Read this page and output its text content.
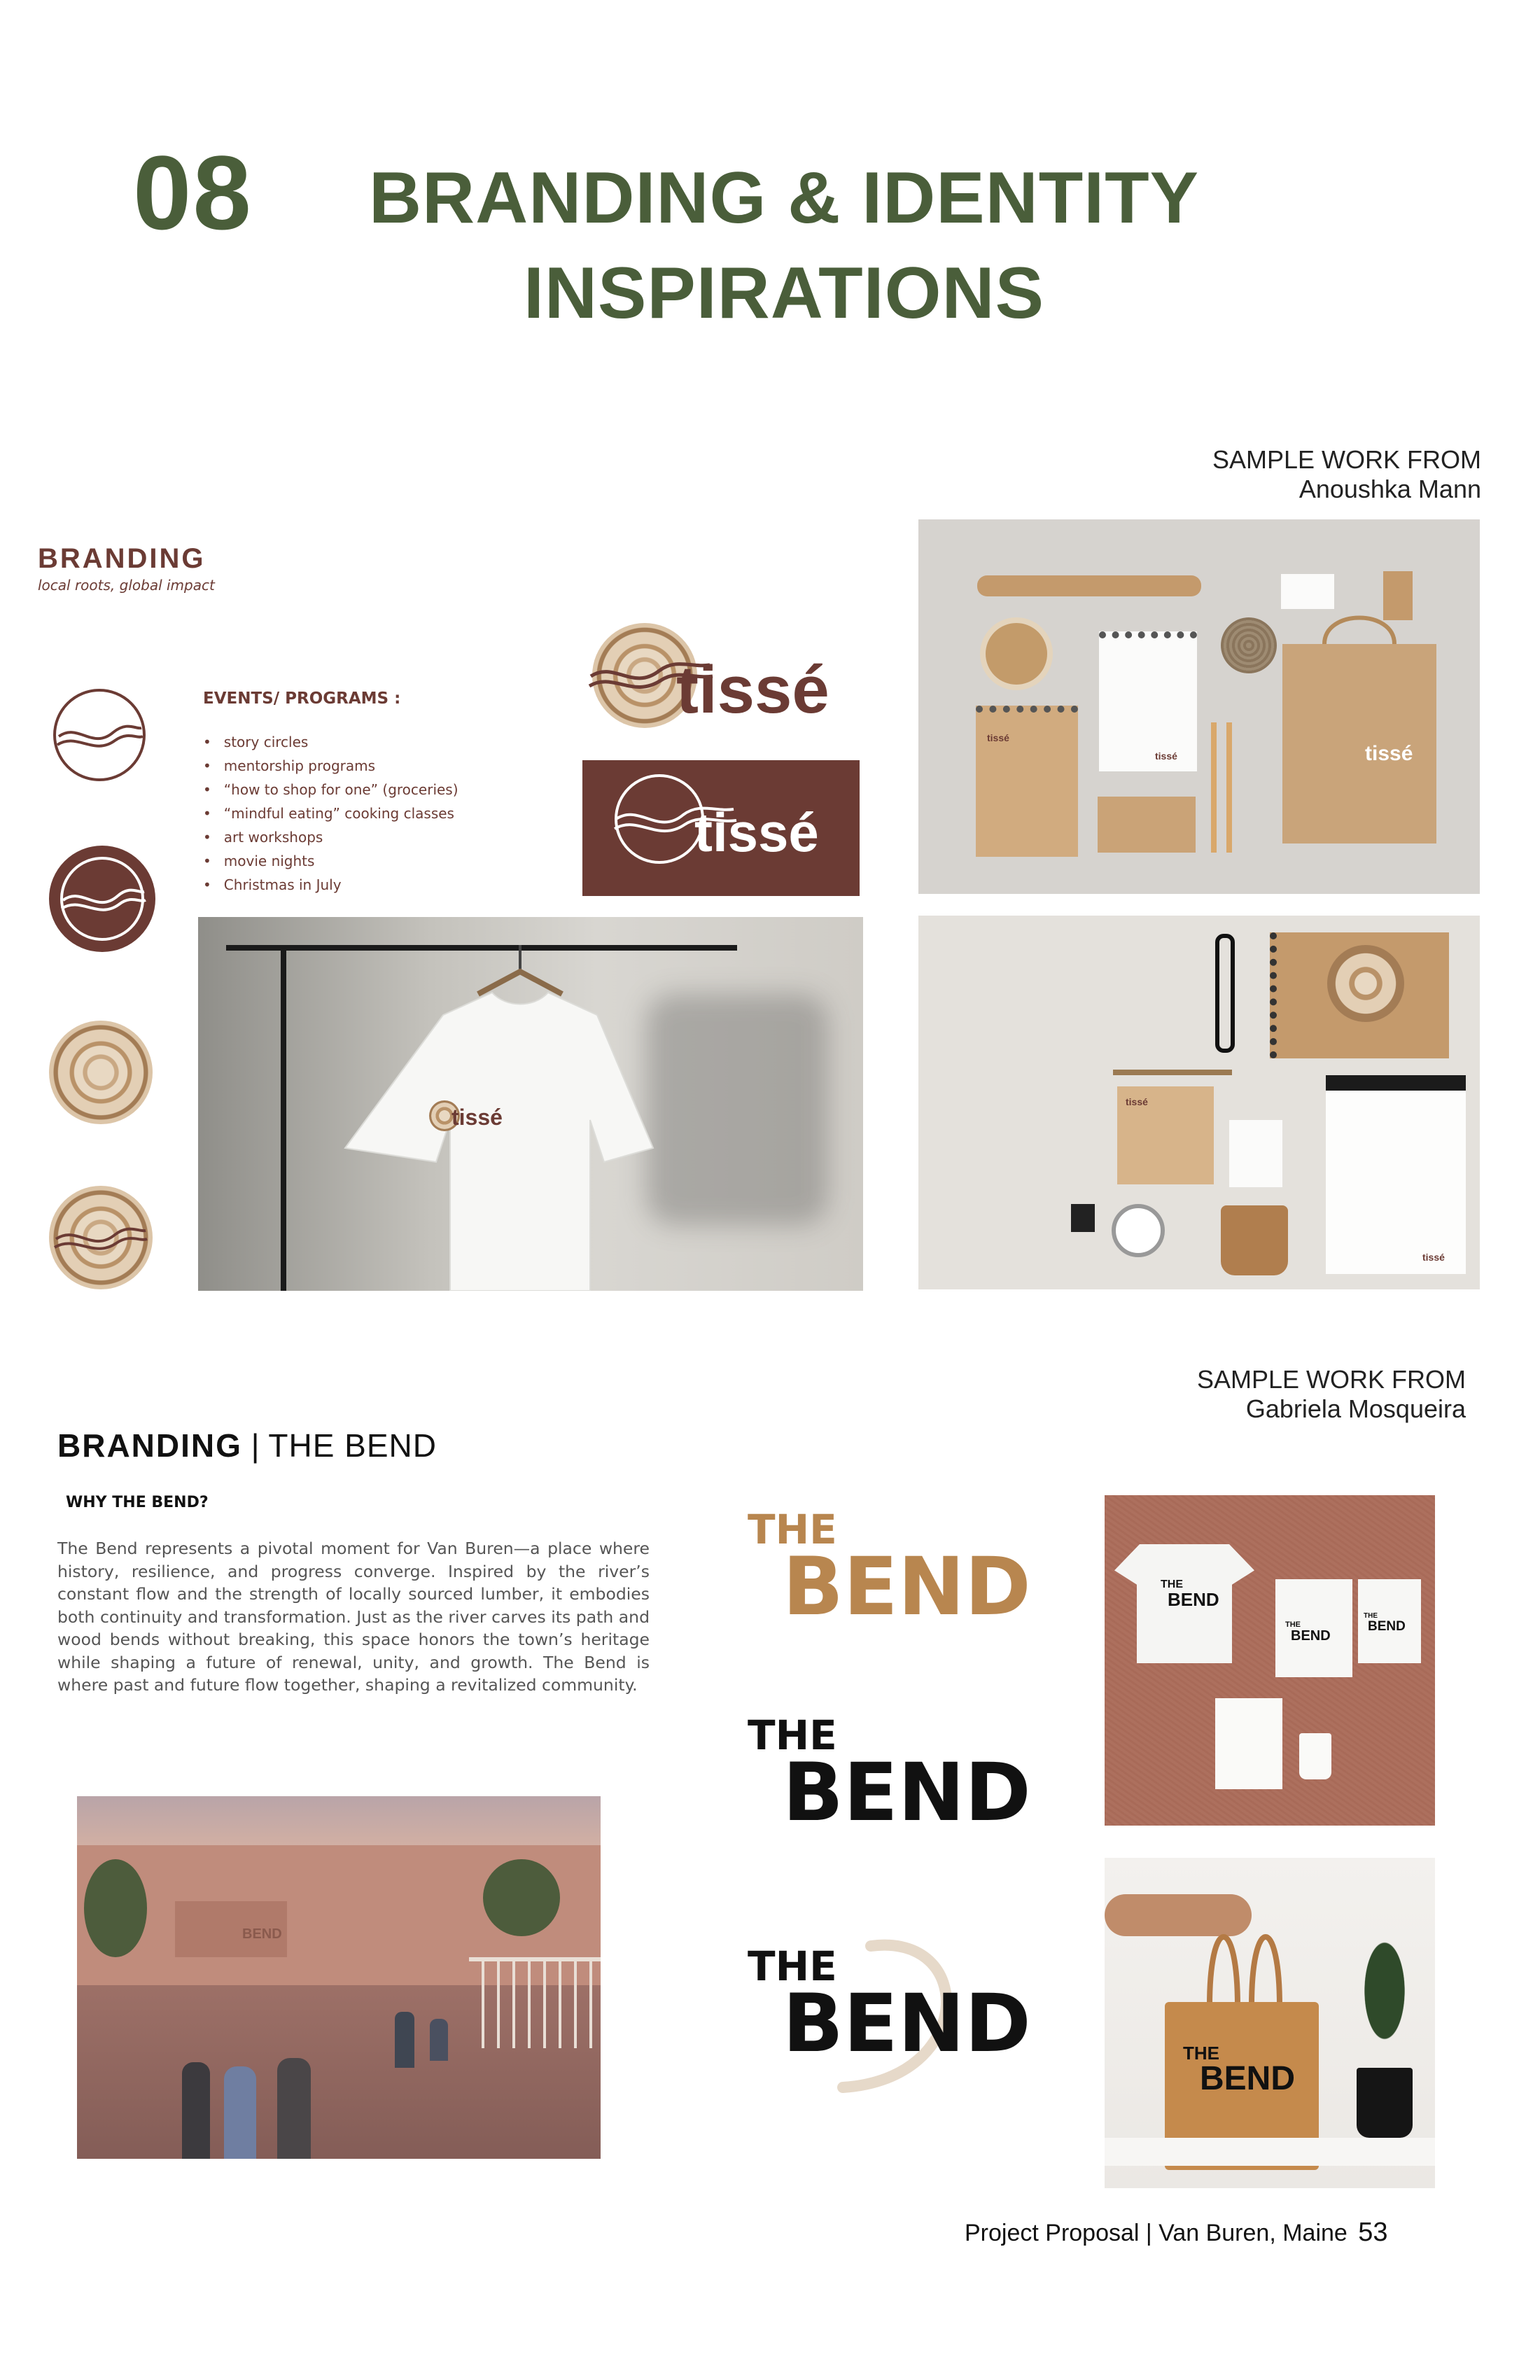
08 BRANDING & IDENTITY
INSPIRATIONS
SAMPLE WORK FROM
Anoushka Mann
BRANDING
local roots, global impact
EVENTS/ PROGRAMS :
• story circles
• mentorship programs
• “how to shop for one” (groceries)
• “mindful eating” cooking classes
• art workshops
• movie nights
• Christmas in July
tissé
tissé
tissé
tissé	tissé
tissé
tissé
tissé
SAMPLE WORK FROM
Gabriela Mosqueira
BRANDING | THE BEND
WHY THE BEND?
The Bend represents a pivotal moment for Van Buren—a place where history, resilience, and progress converge. Inspired by the river’s constant flow and the strength of locally sourced lumber, it embodies both continuity and transformation. Just as the river carves its path and wood bends without breaking, this space honors the town’s heritage while shaping a future of renewal, unity, and growth. The Bend is where past and future flow together, shaping a revitalized community.
THE
BEND
THE
BEND
THE
BEND
THE
BEND
THE
BEND
THE
BEND
THE
BEND
BEND
Project Proposal | Van Buren, Maine 53
